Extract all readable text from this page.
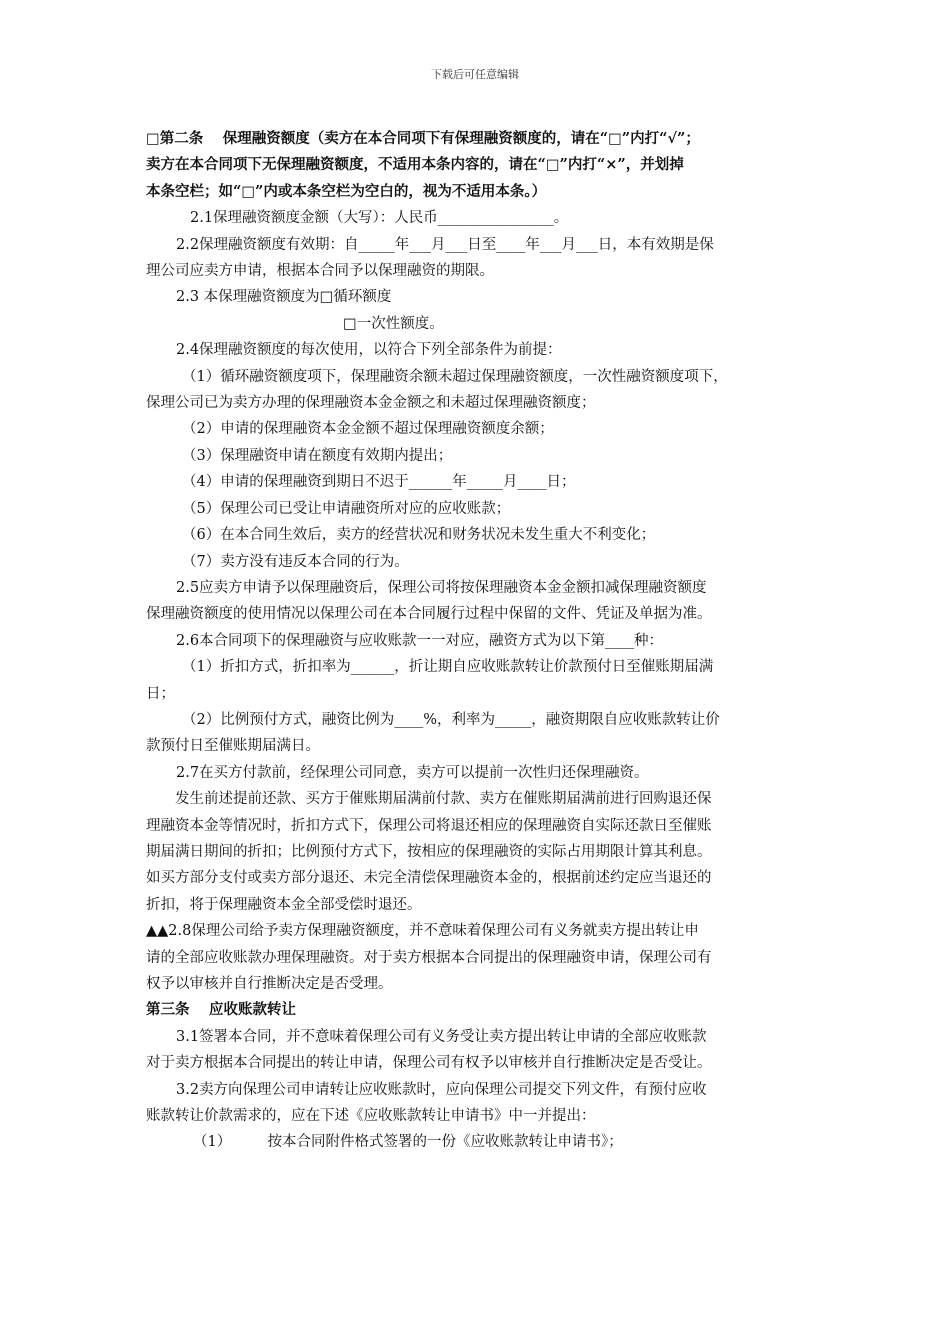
下载后可任意编辑

□第二条　 保理融资额度（卖方在本合同项下有保理融资额度的，请在“□”内打“√”；

卖方在本合同项下无保理融资额度，不适用本条内容的，请在“□”内打“×”，并划掉

本条空栏；如“□”内或本条空栏为空白的，视为不适用本条。）

2.1保理融资额度金额（大写）：人民币________________。

2.2保理融资额度有效期：自_____年___月___日至____年___月___日，本有效期是保

理公司应卖方申请，根据本合同予以保理融资的期限。

2.3 本保理融资额度为□循环额度

□一次性额度。

2.4保理融资额度的每次使用，以符合下列全部条件为前提：

（1）循环融资额度项下，保理融资余额未超过保理融资额度，一次性融资额度项下，

保理公司已为卖方办理的保理融资本金金额之和未超过保理融资额度；

（2）申请的保理融资本金金额不超过保理融资额度余额；

（3）保理融资申请在额度有效期内提出；

（4）申请的保理融资到期日不迟于______年_____月____日；

（5）保理公司已受让申请融资所对应的应收账款；

（6）在本合同生效后，卖方的经营状况和财务状况未发生重大不利变化；

（7）卖方没有违反本合同的行为。

2.5应卖方申请予以保理融资后，保理公司将按保理融资本金金额扣减保理融资额度

保理融资额度的使用情况以保理公司在本合同履行过程中保留的文件、凭证及单据为准。

2.6本合同项下的保理融资与应收账款一一对应，融资方式为以下第____种：

（1）折扣方式，折扣率为______，折让期自应收账款转让价款预付日至催账期届满

日；

（2）比例预付方式，融资比例为____%，利率为_____，融资期限自应收账款转让价

款预付日至催账期届满日。

2.7在买方付款前，经保理公司同意，卖方可以提前一次性归还保理融资。

发生前述提前还款、买方于催账期届满前付款、卖方在催账期届满前进行回购退还保

理融资本金等情况时，折扣方式下，保理公司将退还相应的保理融资自实际还款日至催账

期届满日期间的折扣；比例预付方式下，按相应的保理融资的实际占用期限计算其利息。

如买方部分支付或卖方部分退还、未完全清偿保理融资本金的，根据前述约定应当退还的

折扣，将于保理融资本金全部受偿时退还。

▲▲2.8保理公司给予卖方保理融资额度，并不意味着保理公司有义务就卖方提出转让申

请的全部应收账款办理保理融资。对于卖方根据本合同提出的保理融资申请，保理公司有

权予以审核并自行推断决定是否受理。

第三条　 应收账款转让

3.1签署本合同，并不意味着保理公司有义务受让卖方提出转让申请的全部应收账款

对于卖方根据本合同提出的转让申请，保理公司有权予以审核并自行推断决定是否受让。

3.2卖方向保理公司申请转让应收账款时，应向保理公司提交下列文件，有预付应收

账款转让价款需求的，应在下述《应收账款转让申请书》中一并提出：

（1）　　　按本合同附件格式签署的一份《应收账款转让申请书》；
